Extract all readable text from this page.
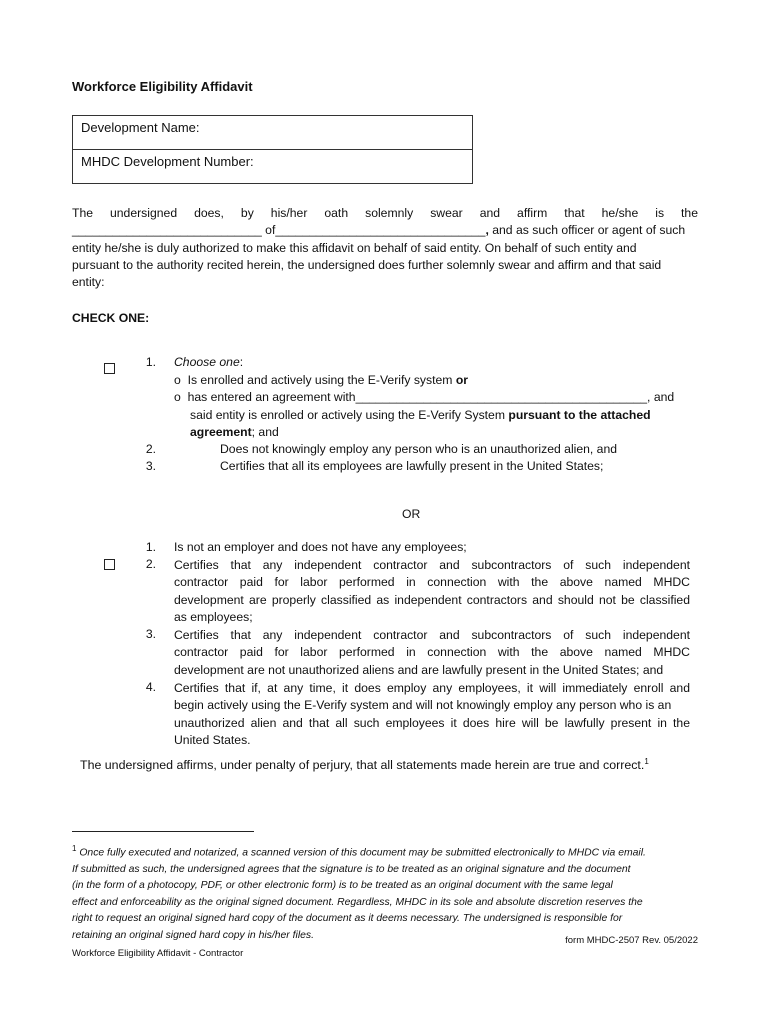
Workforce Eligibility Affidavit
Development Name:

MHDC Development Number:
The undersigned does, by his/her oath solemnly swear and affirm that he/she is the
____________________________ of_______________________________, and as such officer or agent of such
entity he/she is duly authorized to make this affidavit on behalf of said entity. On behalf of such entity and
pursuant to the authority recited herein, the undersigned does further solemnly swear and affirm and that said
entity:
CHECK ONE:
1. Choose one:
o Is enrolled and actively using the E-Verify system or
o has entered an agreement with___________________________________________, and
said entity is enrolled or actively using the E-Verify System pursuant to the attached
agreement; and
2.	Does not knowingly employ any person who is an unauthorized alien, and
3.	Certifies that all its employees are lawfully present in the United States;
OR
1. Is not an employer and does not have any employees;
2. Certifies that any independent contractor and subcontractors of such independent
contractor paid for labor performed in connection with the above named MHDC
development are properly classified as independent contractors and should not be classified
as employees;
3. Certifies that any independent contractor and subcontractors of such independent
contractor paid for labor performed in connection with the above named MHDC
development are not unauthorized aliens and are lawfully present in the United States; and
4. Certifies that if, at any time, it does employ any employees, it will immediately enroll and
begin actively using the E-Verify system and will not knowingly employ any person who is an
unauthorized alien and that all such employees it does hire will be lawfully present in the
United States.
The undersigned affirms, under penalty of perjury, that all statements made herein are true and correct.$^1$
$^1$ Once fully executed and notarized, a scanned version of this document may be submitted electronically to MHDC via email.
If submitted as such, the undersigned agrees that the signature is to be treated as an original signature and the document
(in the form of a photocopy, PDF, or other electronic form) is to be treated as an original document with the same legal
effect and enforceability as the original signed document. Regardless, MHDC in its sole and absolute discretion reserves the
right to request an original signed hard copy of the document as it deems necessary. The undersigned is responsible for
retaining an original signed hard copy in his/her files.	form MHDC-2507 Rev. 05/2022
Workforce Eligibility Affidavit - Contractor
